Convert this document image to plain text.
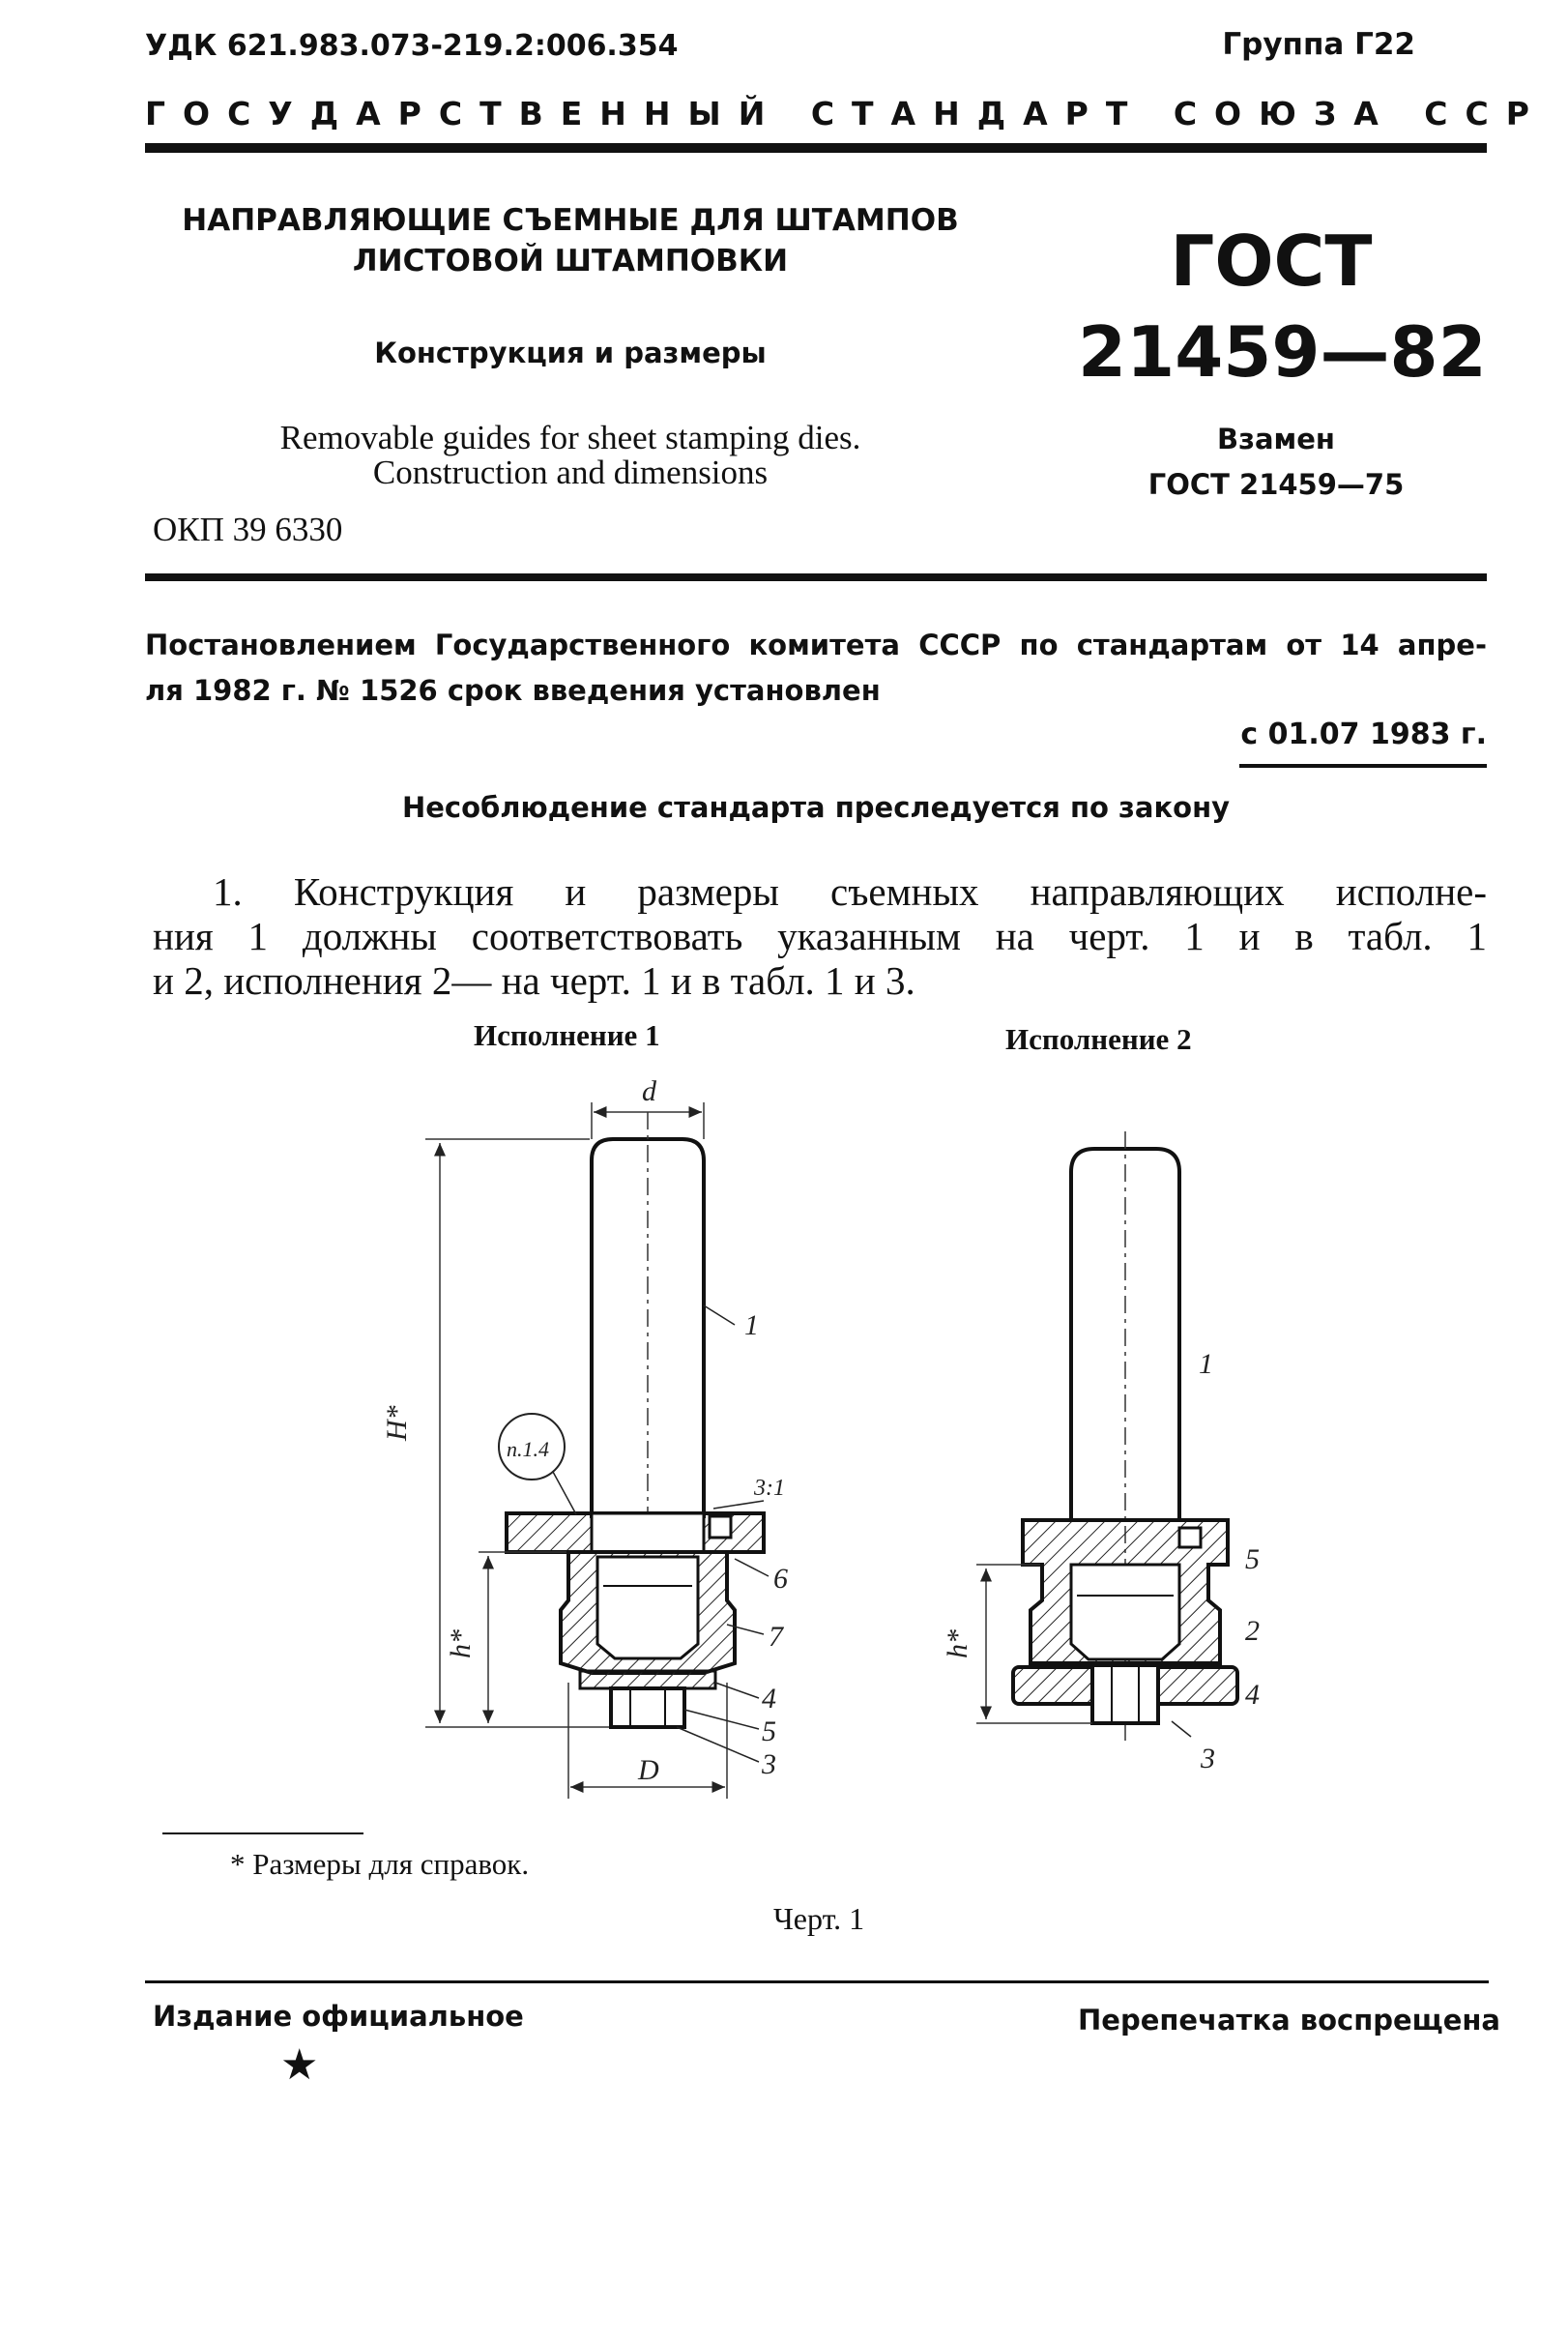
УДК 621.983.073-219.2:006.354	Группа Г22
ГОСУДАРСТВЕННЫЙ СТАНДАРТ СОЮЗА ССР
НАПРАВЛЯЮЩИЕ СЪЕМНЫЕ ДЛЯ ШТАМПОВ
ЛИСТОВОЙ ШТАМПОВКИ
Конструкция и размеры
Removable guides for sheet stamping dies.
Construction and dimensions
ОКП 39 6330
ГОСТ
21459—82
Взамен
ГОСТ 21459—75
Постановлением Государственного комитета СССР по стандартам от 14 апре-
ля 1982 г. № 1526 срок введения установлен
с 01.07 1983 г.
Несоблюдение стандарта преследуется по закону
1. Конструкция и размеры съемных направляющих исполне-
ния 1 должны соответствовать указанным на черт. 1 и в табл. 1
и 2, исполнения 2— на черт. 1 и в табл. 1 и 3.
Исполнение 1	Исполнение 2
d
H*
h*
D
п.1.4
3:1
1
6
7
4
5
3
h*
1
5
2
4
3
* Размеры для справок.
Черт. 1
Издание официальное	Перепечатка воспрещена
★
